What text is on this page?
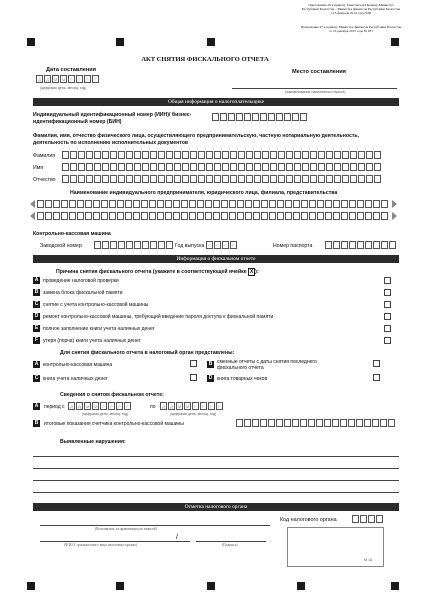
Приложение 26 к приказу Заместителя Премьер-Министра Республики Казахстан – Министра финансов Республики Казахстан от 5 февраля 2014 года №90
Приложение 27 к приказу Министра финансов Республики Казахстан от 16 декабря 2015 года № 657
АКТ СНЯТИЯ ФИСКАЛЬНОГО ОТЧЕТА
Дата составления
Д	Д	М	М	Г	Г	Г	Г
(цифрами день, месяц, год)
Место составления
(наименование населенного пункта)
Общая информация о налогоплательщике
Индивидуальный идентификационный номер (ИИН)/ бизнес-идентификационный номер (БИН)
Фамилия, имя, отчество физического лица, осуществляющего предпринимательскую, частную нотариальную деятельность, деятельность по исполнению исполнительных документов
Фамилия
Имя
Отчество
Наименование индивидуального предпринимателя, юридического лица, филиала, представительства
Контрольно-кассовая машина
Заводской номер	Год выпуска	Г	Г	Г	Г	Номер паспорта
Информация о фискальном отчете
Причина снятия фискального отчета (укажите в соответствующей ячейке X ):
A проведение налоговой проверки
B замена блока фискальной памяти
C снятие с учета контрольно-кассовой машины
D ремонт контрольно-кассовой машины, требующий введение пароля доступа к фискальной памяти
E полное заполнение книги учета наличных денег
F утеря (порча) книги учета наличных денег
Для снятия фискального отчета в налоговый орган представлены:
A контрольно-кассовая машина	B сменные отчеты с даты снятия последнего фискального отчета
C книга учета наличных денег	D книга товарных чеков
Сведения о снятом фискальном отчете:
A	период с	Д	Д	М	М	Г	Г	Г	Г	по	Д	Д	М	М	Г	Г	Г	Г
(цифрами день, месяц, год)	(цифрами день, месяц, год)
B	итоговые показания счетчика контрольно-кассовой машины
Выявленные нарушения:
Отметка налогового органа
(Возглавлять за правомочность записей)
/
(Ф.И.О. должностного лица налогового органа)	(Подпись)
Код налогового органа
М.Ш.
